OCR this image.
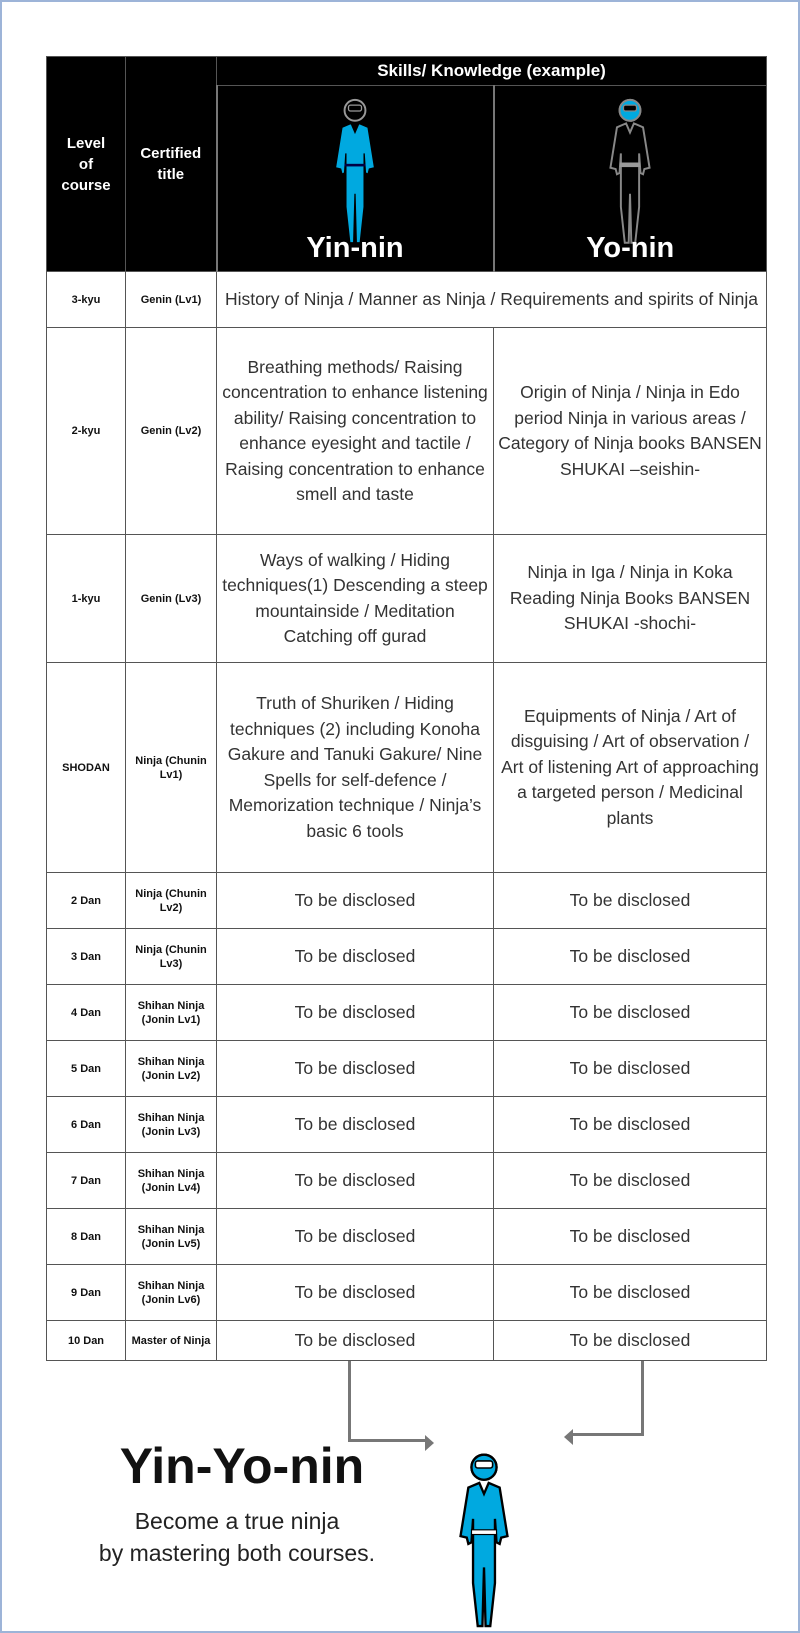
Level of course	Certified title	Skills/ Knowledge (example)	

		Yin-nin	Yo-nin

3-kyu	Genin (Lv1)	History of Ninja / Manner as Ninja / Requirements and spirits of Ninja	
2-kyu	Genin (Lv2)	Breathing methods/ Raising concentration to enhance listening ability/ Raising concentration to enhance eyesight and tactile / Raising concentration to enhance smell and taste	Origin of Ninja / Ninja in Edo period Ninja in various areas / Category of Ninja books BANSEN SHUKAI –seishin-
1-kyu	Genin (Lv3)	Ways of walking / Hiding techniques(1) Descending a steep mountainside / Meditation Catching off gurad	Ninja in Iga / Ninja in Koka Reading Ninja Books BANSEN SHUKAI -shochi-
SHODAN	Ninja (Chunin Lv1)	Truth of Shuriken / Hiding techniques (2) including Konoha Gakure and Tanuki Gakure/ Nine Spells for self-defence / Memorization technique / Ninja’s basic 6 tools	Equipments of Ninja / Art of disguising / Art of observation / Art of listening Art of approaching a targeted person / Medicinal plants
2 Dan	Ninja (Chunin Lv2)	To be disclosed	To be disclosed
3 Dan	Ninja (Chunin Lv3)	To be disclosed	To be disclosed
4 Dan	Shihan Ninja (Jonin Lv1)	To be disclosed	To be disclosed
5 Dan	Shihan Ninja (Jonin Lv2)	To be disclosed	To be disclosed
6 Dan	Shihan Ninja (Jonin Lv3)	To be disclosed	To be disclosed
7 Dan	Shihan Ninja (Jonin Lv4)	To be disclosed	To be disclosed
8 Dan	Shihan Ninja (Jonin Lv5)	To be disclosed	To be disclosed
9 Dan	Shihan Ninja (Jonin Lv6)	To be disclosed	To be disclosed
10 Dan	Master of Ninja	To be disclosed	To be disclosed
Yin-Yo-nin
Become a true ninja
by mastering both courses.
